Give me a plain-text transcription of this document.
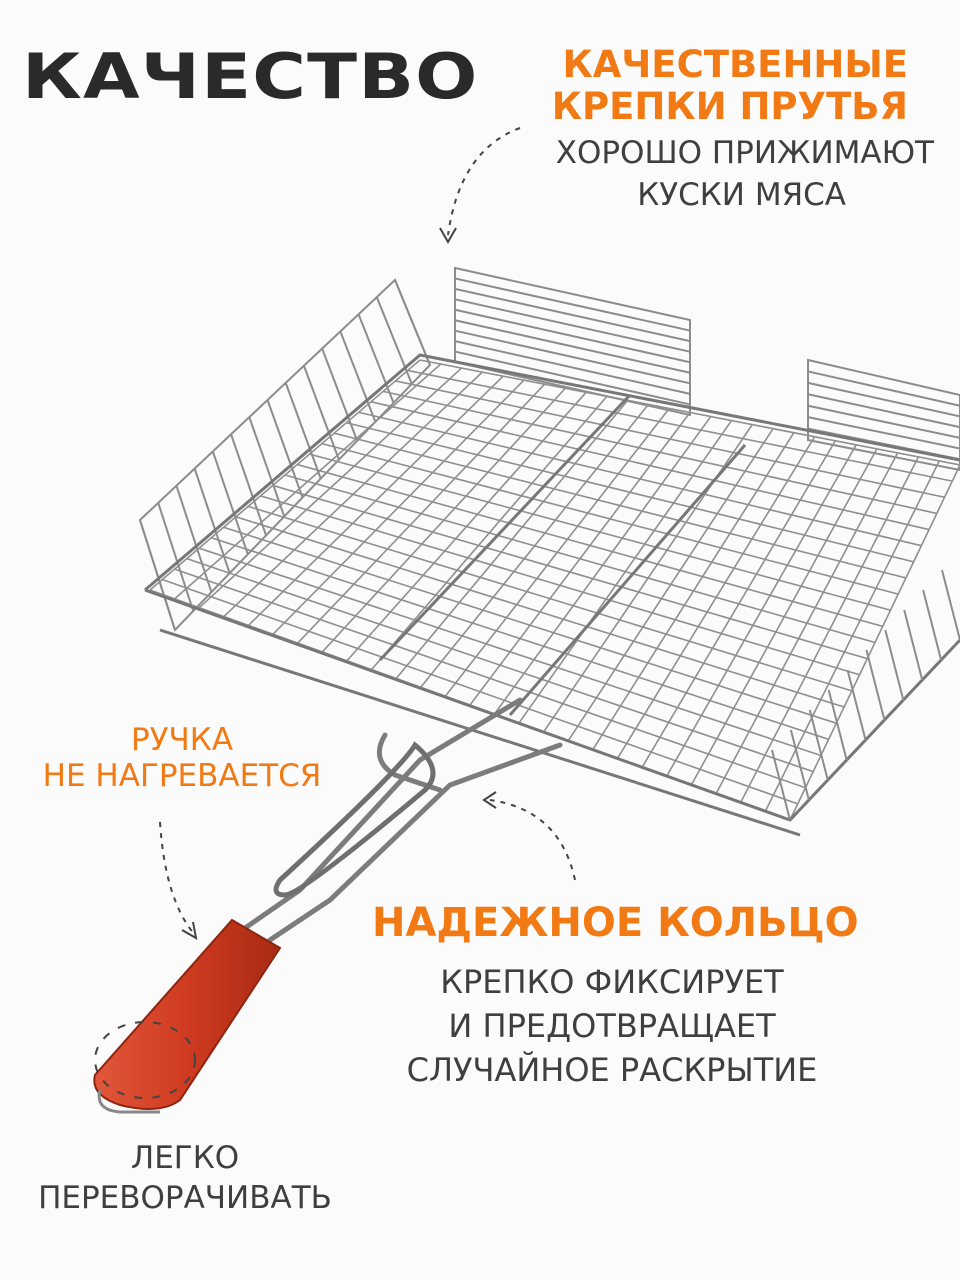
КАЧЕСТВО	КАЧЕСТВЕННЫЕ
КРЕПКИ ПРУТЬЯ
ХОРОШО ПРИЖИМАЮТ
КУСКИ МЯСА
РУЧКА
НЕ НАГРЕВАЕТСЯ
НАДЕЖНОЕ КОЛЬЦО
КРЕПКО ФИКСИРУЕТ
И ПРЕДОТВРАЩАЕТ
СЛУЧАЙНОЕ РАСКРЫТИЕ
ЛЕГКО
ПЕРЕВОРАЧИВАТЬ
